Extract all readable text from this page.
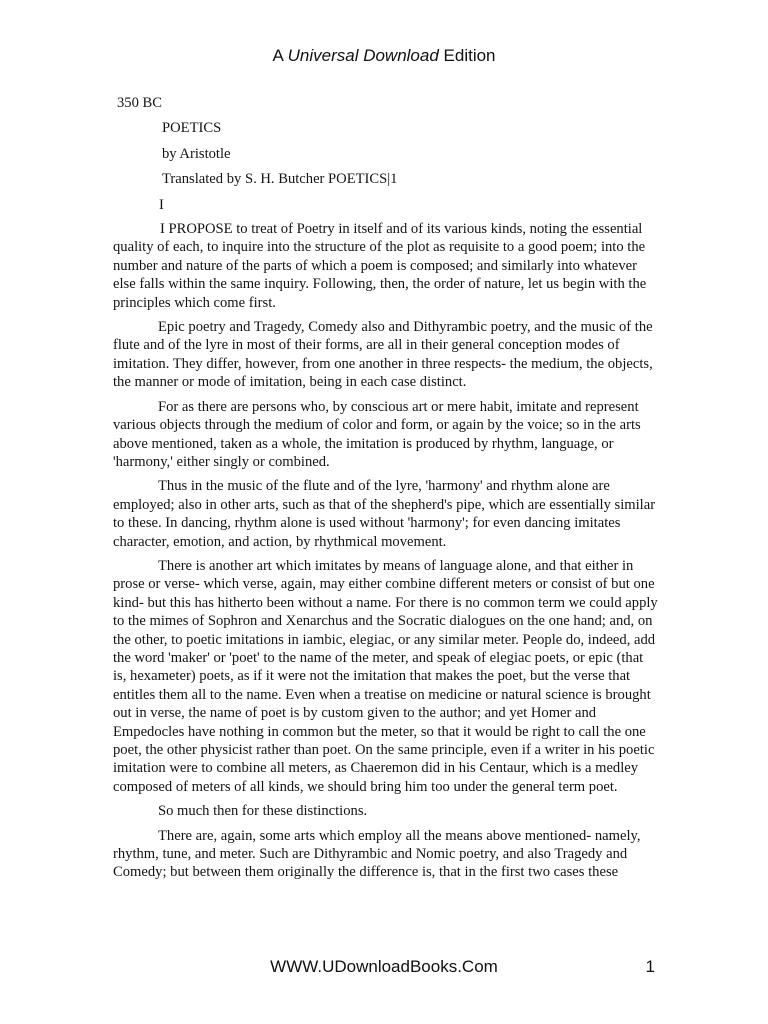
A Universal Download Edition
350 BC
POETICS
by Aristotle
Translated by S. H. Butcher POETICS|1
I

I PROPOSE to treat of Poetry in itself and of its various kinds, noting the essential quality of each, to inquire into the structure of the plot as requisite to a good poem; into the number and nature of the parts of which a poem is composed; and similarly into whatever else falls within the same inquiry. Following, then, the order of nature, let us begin with the principles which come first.

Epic poetry and Tragedy, Comedy also and Dithyrambic poetry, and the music of the flute and of the lyre in most of their forms, are all in their general conception modes of imitation. They differ, however, from one another in three respects- the medium, the objects, the manner or mode of imitation, being in each case distinct.

For as there are persons who, by conscious art or mere habit, imitate and represent various objects through the medium of color and form, or again by the voice; so in the arts above mentioned, taken as a whole, the imitation is produced by rhythm, language, or 'harmony,' either singly or combined.

Thus in the music of the flute and of the lyre, 'harmony' and rhythm alone are employed; also in other arts, such as that of the shepherd's pipe, which are essentially similar to these. In dancing, rhythm alone is used without 'harmony'; for even dancing imitates character, emotion, and action, by rhythmical movement.

There is another art which imitates by means of language alone, and that either in prose or verse- which verse, again, may either combine different meters or consist of but one kind- but this has hitherto been without a name. For there is no common term we could apply to the mimes of Sophron and Xenarchus and the Socratic dialogues on the one hand; and, on the other, to poetic imitations in iambic, elegiac, or any similar meter. People do, indeed, add the word 'maker' or 'poet' to the name of the meter, and speak of elegiac poets, or epic (that is, hexameter) poets, as if it were not the imitation that makes the poet, but the verse that entitles them all to the name. Even when a treatise on medicine or natural science is brought out in verse, the name of poet is by custom given to the author; and yet Homer and Empedocles have nothing in common but the meter, so that it would be right to call the one poet, the other physicist rather than poet. On the same principle, even if a writer in his poetic imitation were to combine all meters, as Chaeremon did in his Centaur, which is a medley composed of meters of all kinds, we should bring him too under the general term poet.

So much then for these distinctions.

There are, again, some arts which employ all the means above mentioned- namely, rhythm, tune, and meter. Such are Dithyrambic and Nomic poetry, and also Tragedy and Comedy; but between them originally the difference is, that in the first two cases these

WWW.UDownloadBooks.Com	1
